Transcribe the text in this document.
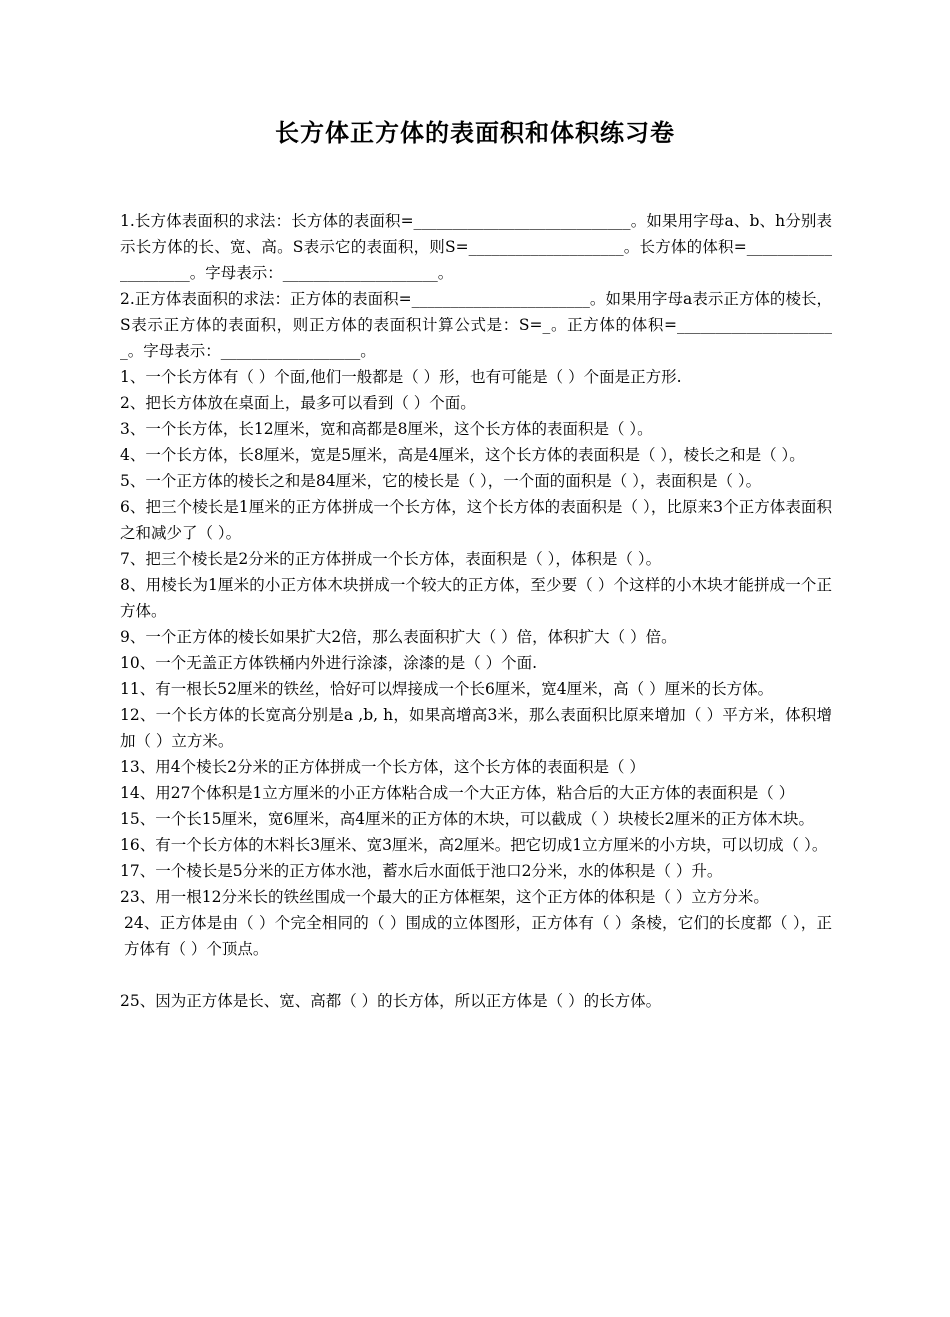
长方体正方体的表面积和体积练习卷

1.长方体表面积的求法：长方体的表面积=____________________________。如果用字母a、b、h分别表示长方体的长、宽、高。S表示它的表面积，则S=____________________。长方体的体积=____________________。字母表示：____________________。

2.正方体表面积的求法：正方体的表面积=_______________________。如果用字母a表示正方体的棱长，S表示正方体的表面积，则正方体的表面积计算公式是：S=_。正方体的体积=_____________________。字母表示：__________________。

1、一个长方体有（ ）个面,他们一般都是（ ）形，也有可能是（ ）个面是正方形.

2、把长方体放在桌面上，最多可以看到（ ）个面。

3、一个长方体，长12厘米，宽和高都是8厘米，这个长方体的表面积是（ ）。

4、一个长方体，长8厘米，宽是5厘米，高是4厘米，这个长方体的表面积是（ ），棱长之和是（ ）。

5、一个正方体的棱长之和是84厘米，它的棱长是（ ），一个面的面积是（ ），表面积是（ ）。

6、把三个棱长是1厘米的正方体拼成一个长方体，这个长方体的表面积是（ ），比原来3个正方体表面积之和减少了（ ）。

7、把三个棱长是2分米的正方体拼成一个长方体，表面积是（ ），体积是（ ）。

8、用棱长为1厘米的小正方体木块拼成一个较大的正方体，至少要（ ）个这样的小木块才能拼成一个正方体。

9、一个正方体的棱长如果扩大2倍，那么表面积扩大（ ）倍，体积扩大（ ）倍。

10、一个无盖正方体铁桶内外进行涂漆，涂漆的是（ ）个面.

11、有一根长52厘米的铁丝，恰好可以焊接成一个长6厘米，宽4厘米，高（ ）厘米的长方体。

12、一个长方体的长宽高分别是a ,b, h，如果高增高3米，那么表面积比原来增加（ ）平方米，体积增加（ ）立方米。

13、用4个棱长2分米的正方体拼成一个长方体，这个长方体的表面积是（ ）

14、用27个体积是1立方厘米的小正方体粘合成一个大正方体，粘合后的大正方体的表面积是（ ）

15、一个长15厘米，宽6厘米，高4厘米的正方体的木块，可以截成（ ）块棱长2厘米的正方体木块。

16、有一个长方体的木料长3厘米、宽3厘米，高2厘米。把它切成1立方厘米的小方块，可以切成（ ）。

17、一个棱长是5分米的正方体水池，蓄水后水面低于池口2分米，水的体积是（ ）升。

23、用一根12分米长的铁丝围成一个最大的正方体框架，这个正方体的体积是（ ）立方分米。

24、正方体是由（ ）个完全相同的（ ）围成的立体图形，正方体有（ ）条棱，它们的长度都（ ），正方体有（ ）个顶点。

25、因为正方体是长、宽、高都（ ）的长方体，所以正方体是（ ）的长方体。
